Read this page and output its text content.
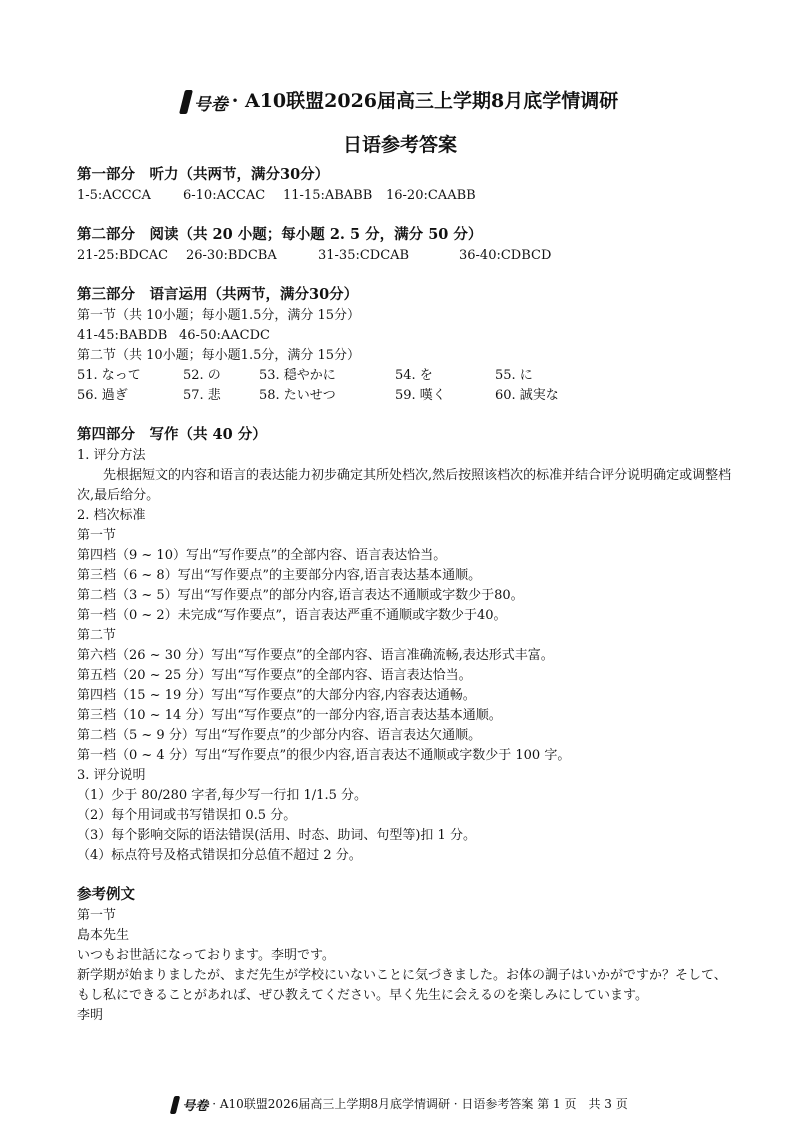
号卷 · A10联盟2026届高三上学期8月底学情调研
日语参考答案
第一部分　听力（共两节，满分30分）
1-5:ACCCA	6-10:ACCAC	11-15:ABABB	16-20:CAABB
第二部分　阅读（共 20 小题；每小题 2. 5 分，满分 50 分）
21-25:BDCAC	26-30:BDCBA	31-35:CDCAB	36-40:CDBCD
第三部分　语言运用（共两节，满分30分）
第一节（共 10小题；每小题1.5分，满分 15分）
41-45:BABDB 46-50:AACDC
第二节（共 10小题；每小题1.5分，满分 15分）
51. なって	52. の	53. 穏やかに	54. を	55. に
56. 過ぎ	57. 悲	58. たいせつ	59. 嘆く	60. 誠実な
第四部分　写作（共 40 分）
1. 评分方法
先根据短文的内容和语言的表达能力初步确定其所处档次,然后按照该档次的标准并结合评分说明确定或调整档次,最后给分。
2. 档次标准
第一节
第四档（9 ~ 10）写出“写作要点”的全部内容、语言表达恰当。
第三档（6 ~ 8）写出“写作要点”的主要部分内容,语言表达基本通顺。
第二档（3 ~ 5）写出“写作要点”的部分内容,语言表达不通顺或字数少于80。
第一档（0 ~ 2）未完成“写作要点”，语言表达严重不通顺或字数少于40。
第二节
第六档（26 ~ 30 分）写出“写作要点”的全部内容、语言准确流畅,表达形式丰富。
第五档（20 ~ 25 分）写出“写作要点”的全部内容、语言表达恰当。
第四档（15 ~ 19 分）写出“写作要点”的大部分内容,内容表达通畅。
第三档（10 ~ 14 分）写出“写作要点”的一部分内容,语言表达基本通顺。
第二档（5 ~ 9 分）写出“写作要点”的少部分内容、语言表达欠通顺。
第一档（0 ~ 4 分）写出“写作要点”的很少内容,语言表达不通顺或字数少于 100 字。
3. 评分说明
（1）少于 80/280 字者,每少写一行扣 1/1.5 分。
（2）每个用词或书写错误扣 0.5 分。
（3）每个影响交际的语法错误(活用、时态、助词、句型等)扣 1 分。
（4）标点符号及格式错误扣分总值不超过 2 分。
参考例文
第一节
島本先生
いつもお世話になっております。李明です。
新学期が始まりましたが、まだ先生が学校にいないことに気づきました。お体の調子はいかがですか？そして、もし私にできることがあれば、ぜひ教えてください。早く先生に会えるのを楽しみにしています。
李明
号卷 · A10联盟2026届高三上学期8月底学情调研 · 日语参考答案 第 1 页　共 3 页
